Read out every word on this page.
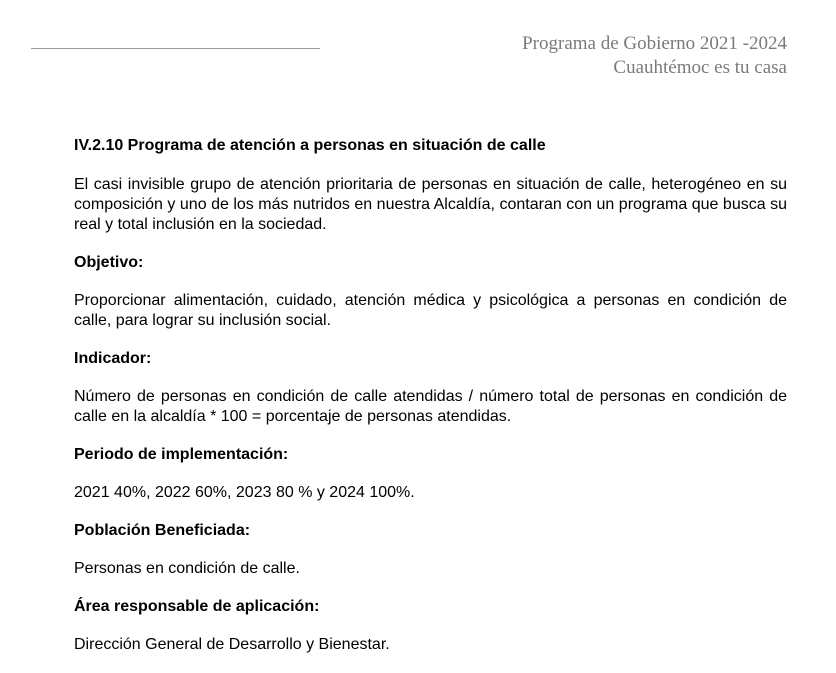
Programa de Gobierno 2021 -2024
Cuauhtémoc es tu casa
IV.2.10 Programa de atención a personas en situación de calle
El casi invisible grupo de atención prioritaria de personas en situación de calle, heterogéneo en su composición y uno de los más nutridos en nuestra Alcaldía, contaran con un programa que busca su real y total inclusión en la sociedad.
Objetivo:
Proporcionar alimentación, cuidado, atención médica y psicológica a personas en condición de calle, para lograr su inclusión social.
Indicador:
Número de personas en condición de calle atendidas / número total de personas en condición de calle en la alcaldía * 100 = porcentaje de personas atendidas.
Periodo de implementación:
2021 40%, 2022 60%, 2023 80 % y 2024 100%.
Población Beneficiada:
Personas en condición de calle.
Área responsable de aplicación:
Dirección General de Desarrollo y Bienestar.
